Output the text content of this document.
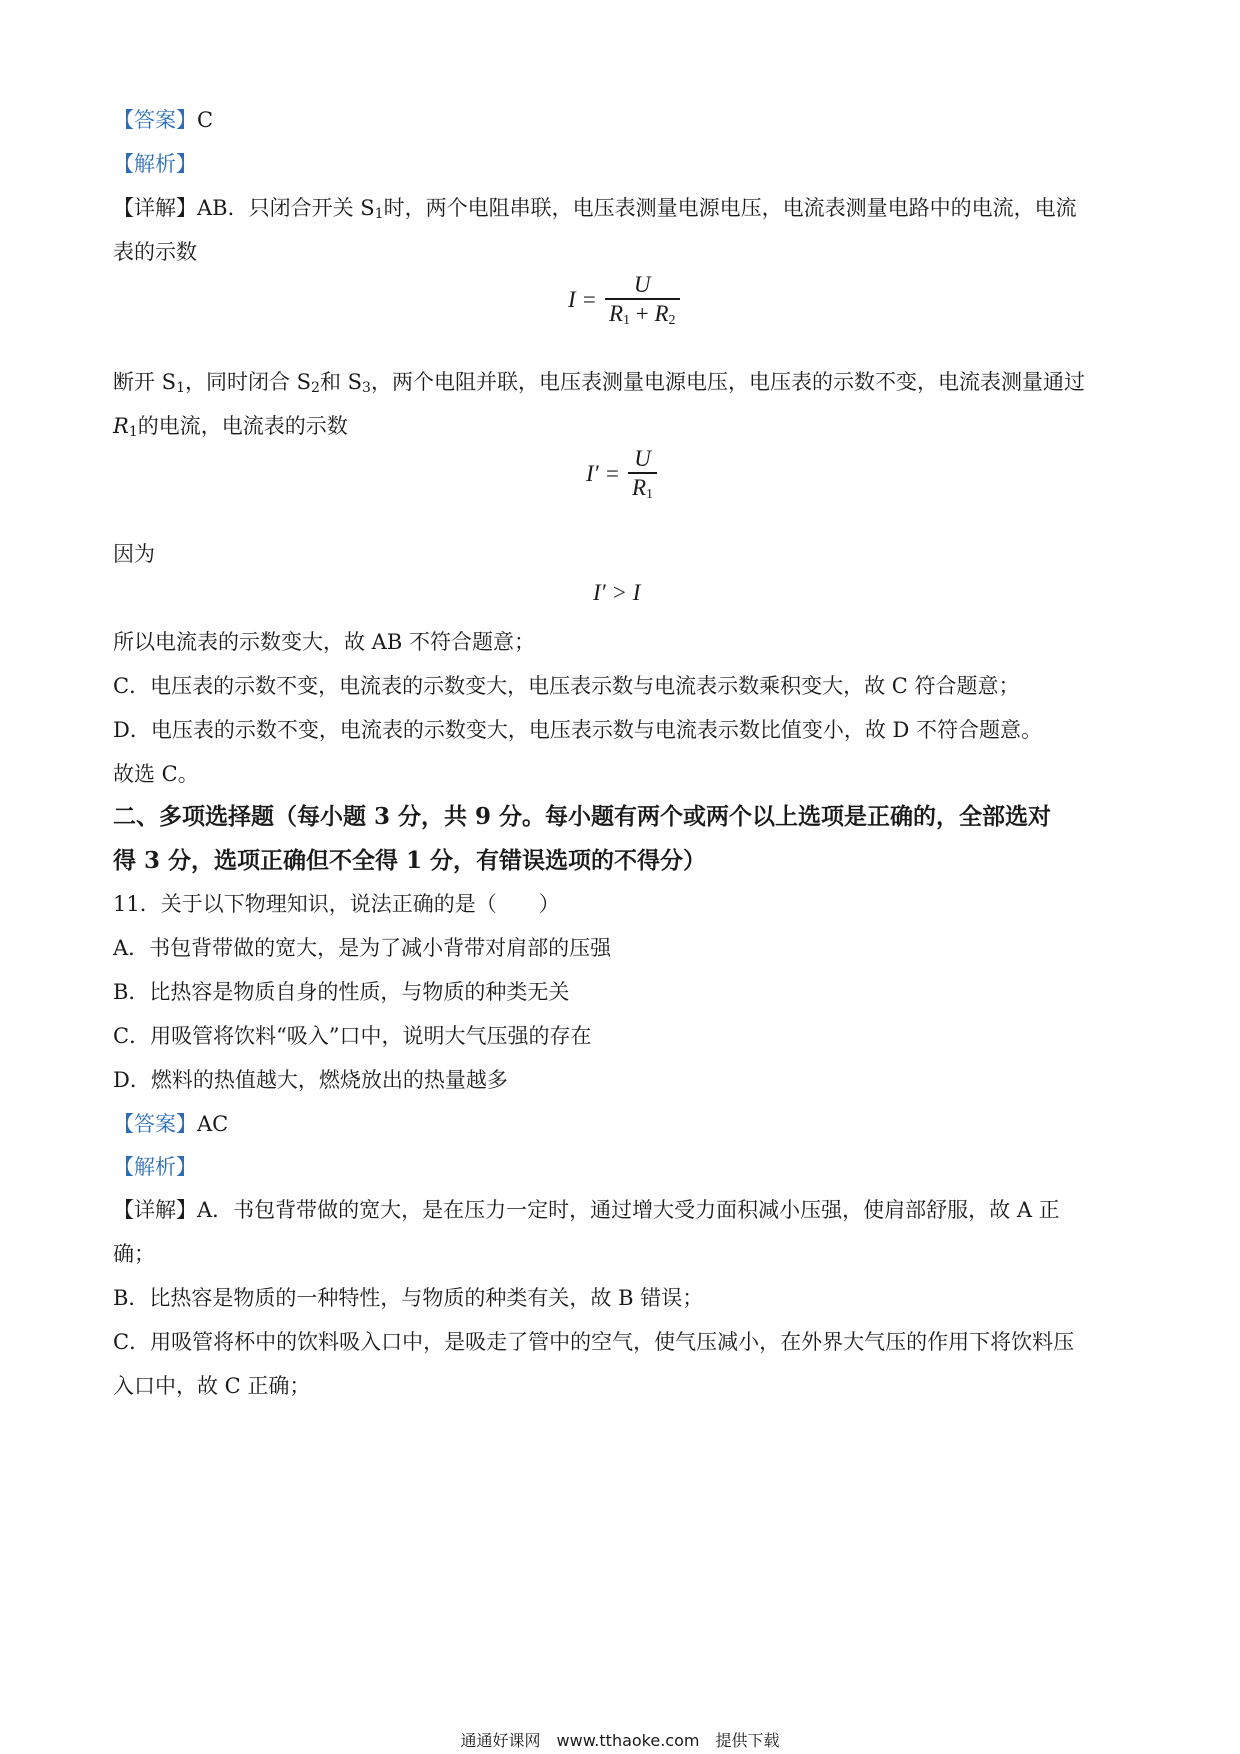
【答案】C

【解析】

【详解】AB．只闭合开关 $S_1$时，两个电阻串联，电压表测量电源电压，电流表测量电路中的电流，电流

表的示数

$I = \frac{U}{R_1 + R_2}$

断开 $S_1$，同时闭合 $S_2$和 $S_3$，两个电阻并联，电压表测量电源电压，电压表的示数不变，电流表测量通过

$R_1$的电流，电流表的示数

$I' = \frac{U}{R_1}$

因为

I′ > I

所以电流表的示数变大，故 AB 不符合题意；

C．电压表的示数不变，电流表的示数变大，电压表示数与电流表示数乘积变大，故 C 符合题意；

D．电压表的示数不变，电流表的示数变大，电压表示数与电流表示数比值变小，故 D 不符合题意。

故选 C。

二、多项选择题（每小题 3 分，共 9 分。每小题有两个或两个以上选项是正确的，全部选对

得 3 分，选项正确但不全得 1 分，有错误选项的不得分）

11．关于以下物理知识，说法正确的是（　　）

A．书包背带做的宽大，是为了减小背带对肩部的压强

B．比热容是物质自身的性质，与物质的种类无关

C．用吸管将饮料“吸入”口中，说明大气压强的存在

D．燃料的热值越大，燃烧放出的热量越多

【答案】AC

【解析】

【详解】A．书包背带做的宽大，是在压力一定时，通过增大受力面积减小压强，使肩部舒服，故 A 正

确；

B．比热容是物质的一种特性，与物质的种类有关，故 B 错误；

C．用吸管将杯中的饮料吸入口中，是吸走了管中的空气，使气压减小，在外界大气压的作用下将饮料压

入口中，故 C 正确；

通通好课网　www.tthaoke.com　提供下载
